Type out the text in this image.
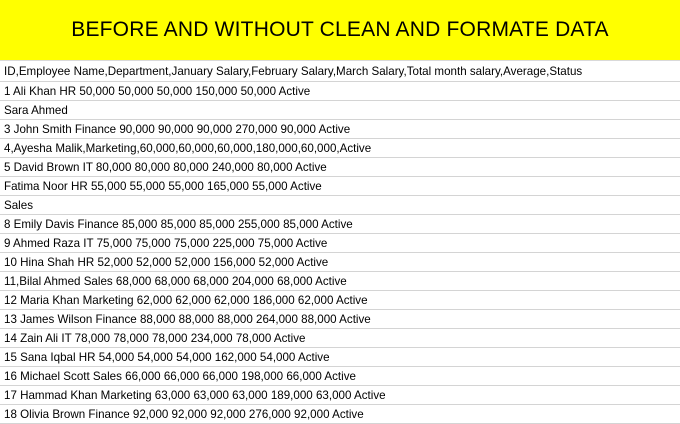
BEFORE AND WITHOUT CLEAN AND FORMATE DATA
ID,Employee Name,Department,January Salary,February Salary,March Salary,Total month salary,Average,Status
1 Ali Khan HR 50,000 50,000 50,000 150,000 50,000 Active
Sara Ahmed
3 John Smith Finance 90,000 90,000 90,000 270,000 90,000 Active
4,Ayesha Malik,Marketing,60,000,60,000,60,000,180,000,60,000,Active
5 David Brown IT 80,000 80,000 80,000 240,000 80,000 Active
Fatima Noor HR 55,000 55,000 55,000 165,000 55,000 Active
Sales
8 Emily Davis Finance 85,000 85,000 85,000 255,000 85,000 Active
9 Ahmed Raza IT 75,000 75,000 75,000 225,000 75,000 Active
10 Hina Shah HR 52,000 52,000 52,000 156,000 52,000 Active
11,Bilal Ahmed Sales 68,000 68,000 68,000 204,000 68,000 Active
12 Maria Khan Marketing 62,000 62,000 62,000 186,000 62,000 Active
13 James Wilson Finance 88,000 88,000 88,000 264,000 88,000 Active
14 Zain Ali IT 78,000 78,000 78,000 234,000 78,000 Active
15 Sana Iqbal HR 54,000 54,000 54,000 162,000 54,000 Active
16 Michael Scott Sales 66,000 66,000 66,000 198,000 66,000 Active
17 Hammad Khan Marketing 63,000 63,000 63,000 189,000 63,000 Active
18 Olivia Brown Finance 92,000 92,000 92,000 276,000 92,000 Active
